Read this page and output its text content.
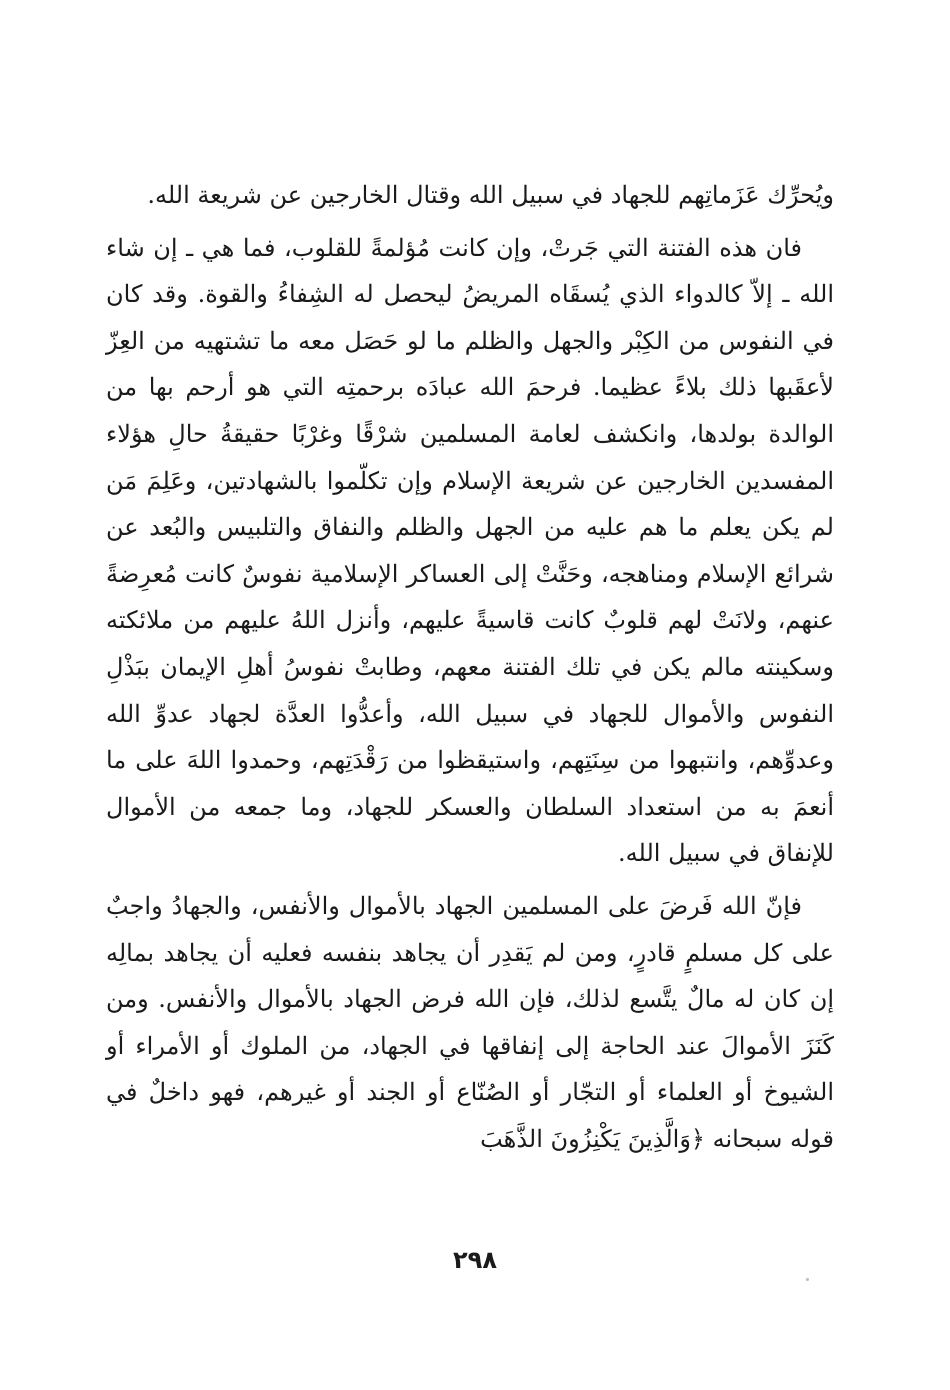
ويُحرِّك عَزَماتِهم للجهاد في سبيل الله وقتال الخارجين عن شريعة الله.

فان هذه الفتنة التي جَرتْ، وإن كانت مُؤلمةً للقلوب، فما هي ـ إن شاء الله ـ إلاّ كالدواء الذي يُسقَاه المريضُ ليحصل له الشِفاءُ والقوة. وقد كان في النفوس من الكِبْر والجهل والظلم ما لو حَصَل معه ما تشتهيه من العِزّ لأعقَبها ذلك بلاءً عظيما. فرحمَ الله عبادَه برحمتِه التي هو أرحم بها من الوالدة بولدها، وانكشف لعامة المسلمين شرْقًا وغرْبًا حقيقةُ حالِ هؤلاء المفسدين الخارجين عن شريعة الإسلام وإن تكلّموا بالشهادتين، وعَلِمَ مَن لم يكن يعلم ما هم عليه من الجهل والظلم والنفاق والتلبيس والبُعد عن شرائع الإسلام ومناهجه، وحَنَّتْ إلى العساكر الإسلامية نفوسٌ كانت مُعرِضةً عنهم، ولانَتْ لهم قلوبٌ كانت قاسيةً عليهم، وأنزل اللهُ عليهم من ملائكته وسكينته مالم يكن في تلك الفتنة معهم، وطابتْ نفوسُ أهلِ الإيمان ببَذْلِ النفوس والأموال للجهاد في سبيل الله، وأعدُّوا العدَّة لجهاد عدوِّ الله وعدوِّهم، وانتبهوا من سِنَتِهم، واستيقظوا من رَقْدَتِهم، وحمدوا اللهَ على ما أنعمَ به من استعداد السلطان والعسكر للجهاد، وما جمعه من الأموال للإنفاق في سبيل الله.

فإنّ الله فَرضَ على المسلمين الجهاد بالأموال والأنفس، والجهادُ واجبٌ على كل مسلمٍ قادرٍ، ومن لم يَقدِر أن يجاهد بنفسه فعليه أن يجاهد بمالِه إن كان له مالٌ يتَّسع لذلك، فإن الله فرض الجهاد بالأموال والأنفس. ومن كَنَزَ الأموالَ عند الحاجة إلى إنفاقها في الجهاد، من الملوك أو الأمراء أو الشيوخ أو العلماء أو التجّار أو الصُنّاع أو الجند أو غيرهم، فهو داخلٌ في قوله سبحانه ﴿وَالَّذِينَ يَكْنِزُونَ الذَّهَبَ

٢٩٨
